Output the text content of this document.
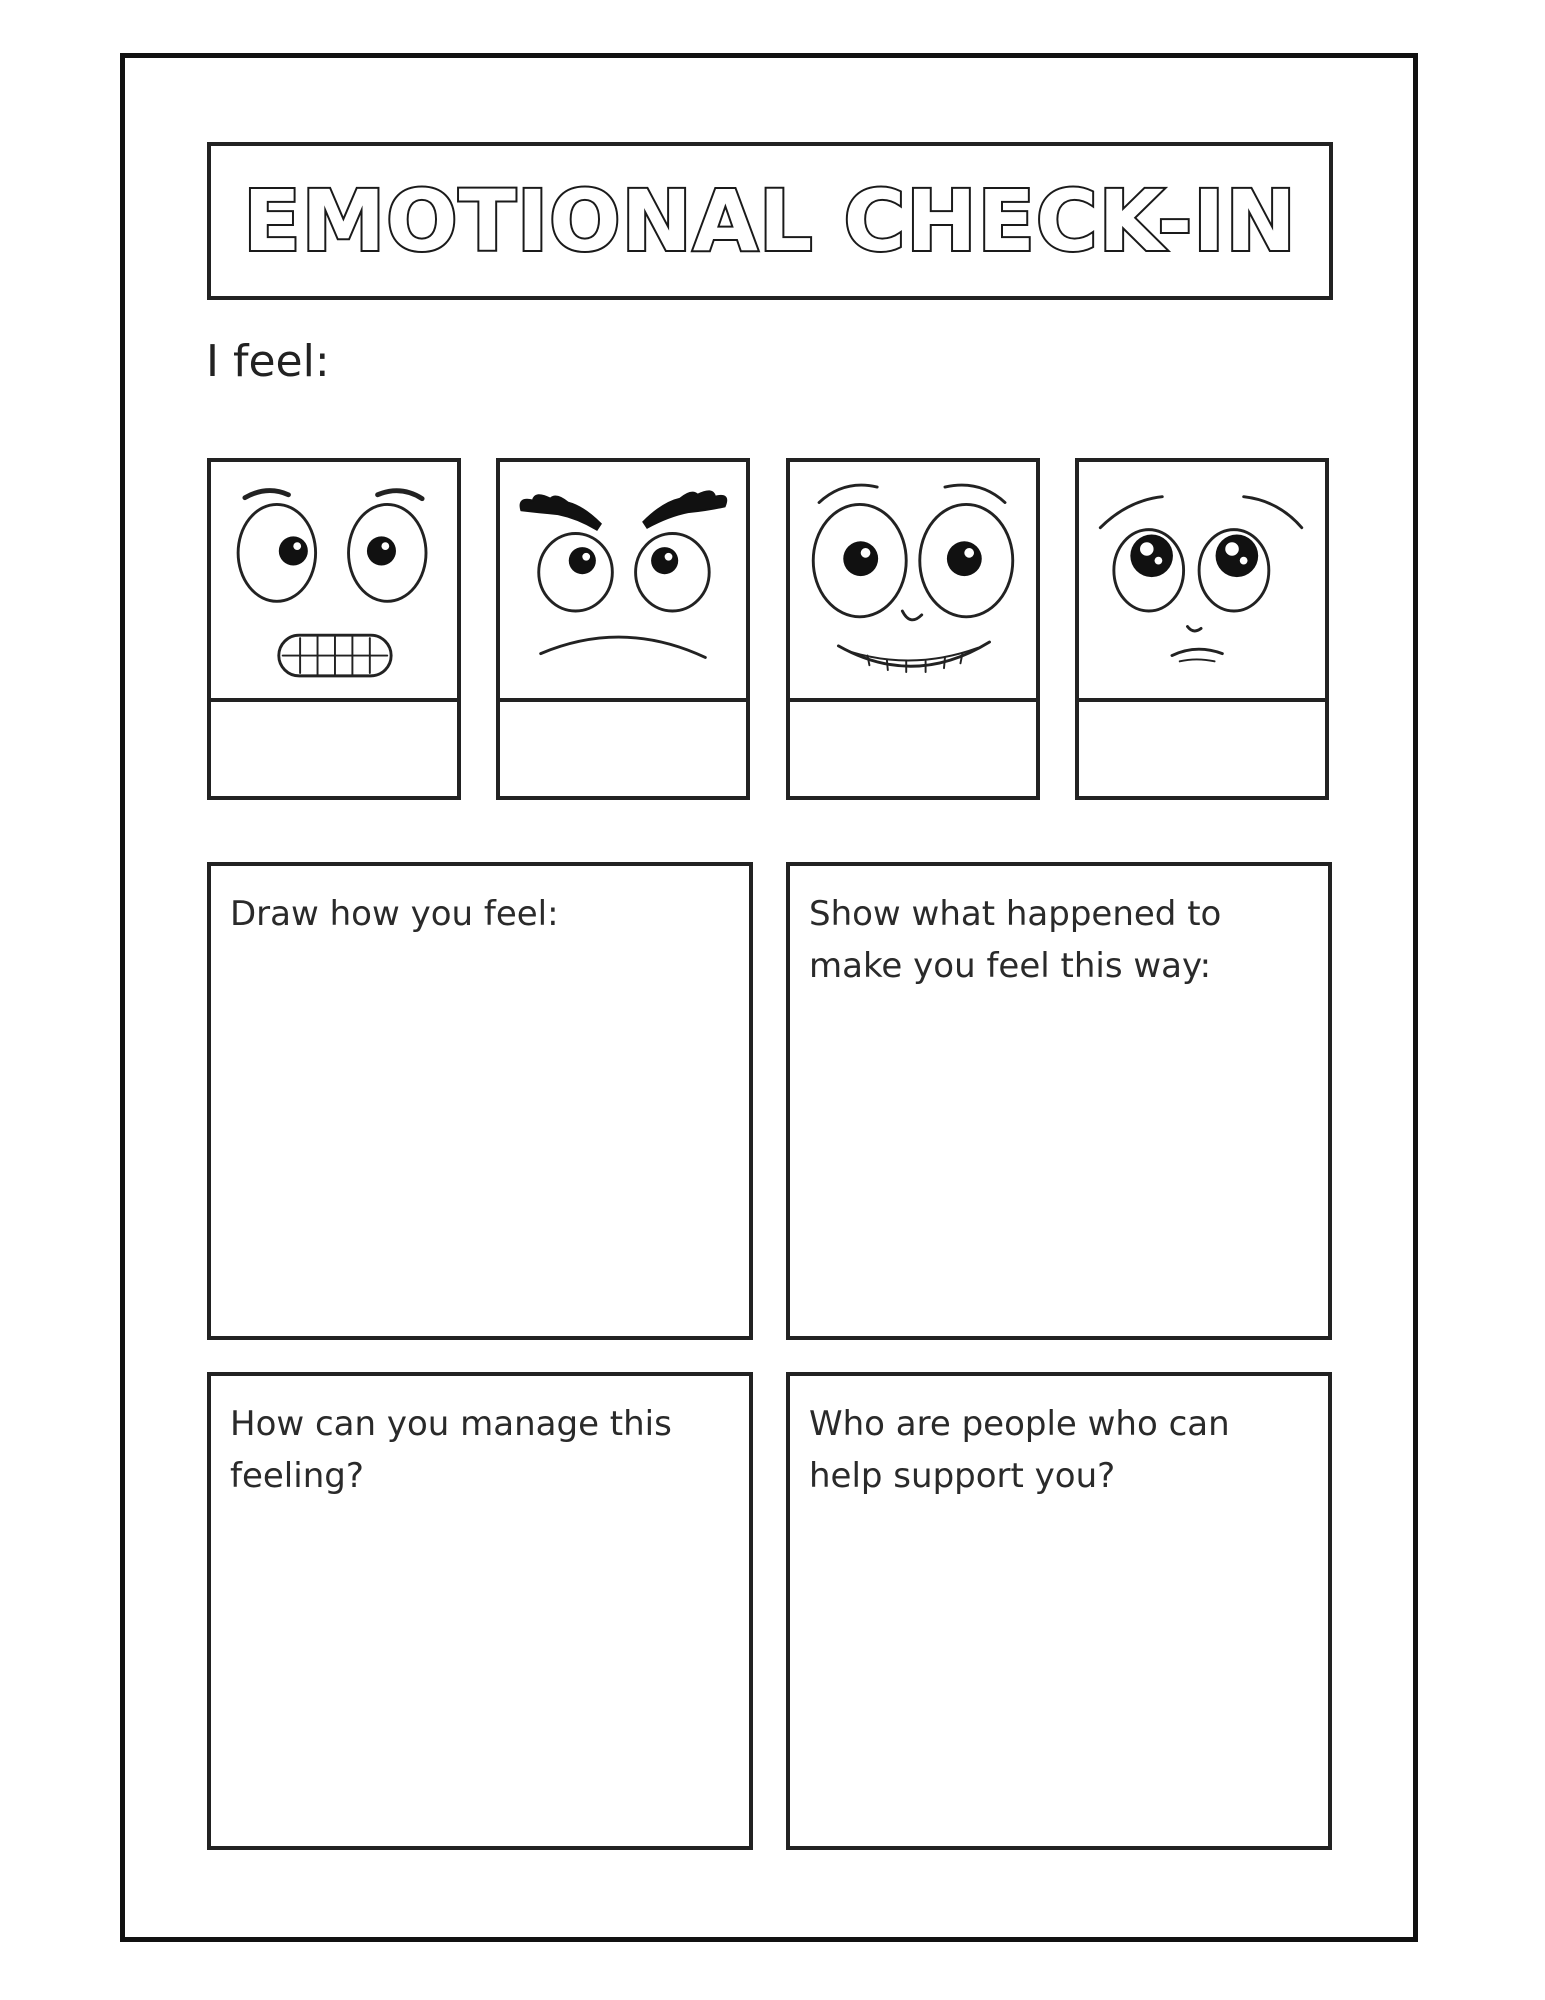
EMOTIONAL CHECK-IN
I feel:
Draw how you feel:	Show what happened to
make you feel this way:
How can you manage this
feeling?
Who are people who can
help support you?
